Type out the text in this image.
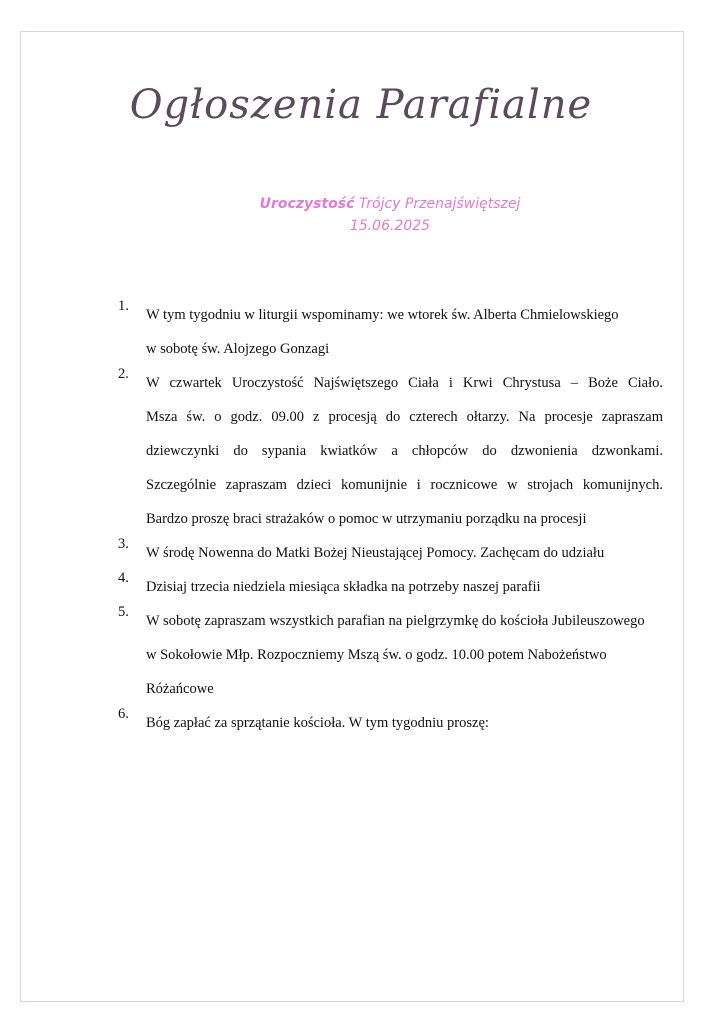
Ogłoszenia Parafialne
Uroczystość Trójcy Przenajświętszej
15.06.2025
1.
W tym tygodniu w liturgii wspominamy: we wtorek św. Alberta Chmielowskiego
w sobotę św. Alojzego Gonzagi
2.
W czwartek Uroczystość Najświętszego Ciała i Krwi Chrystusa – Boże Ciało.
Msza św. o godz. 09.00 z procesją do czterech ołtarzy. Na procesje zapraszam
dziewczynki do sypania kwiatków a chłopców do dzwonienia dzwonkami.
Szczególnie zapraszam dzieci komunijnie i rocznicowe w strojach komunijnych.
Bardzo proszę braci strażaków o pomoc w utrzymaniu porządku na procesji
3.
W środę Nowenna do Matki Bożej Nieustającej Pomocy. Zachęcam do udziału
4.
Dzisiaj trzecia niedziela miesiąca składka na potrzeby naszej parafii
5.
W sobotę zapraszam wszystkich parafian na pielgrzymkę do kościoła Jubileuszowego
w Sokołowie Młp. Rozpoczniemy Mszą św. o godz. 10.00 potem Nabożeństwo
Różańcowe
6.
Bóg zapłać za sprzątanie kościoła. W tym tygodniu proszę:
